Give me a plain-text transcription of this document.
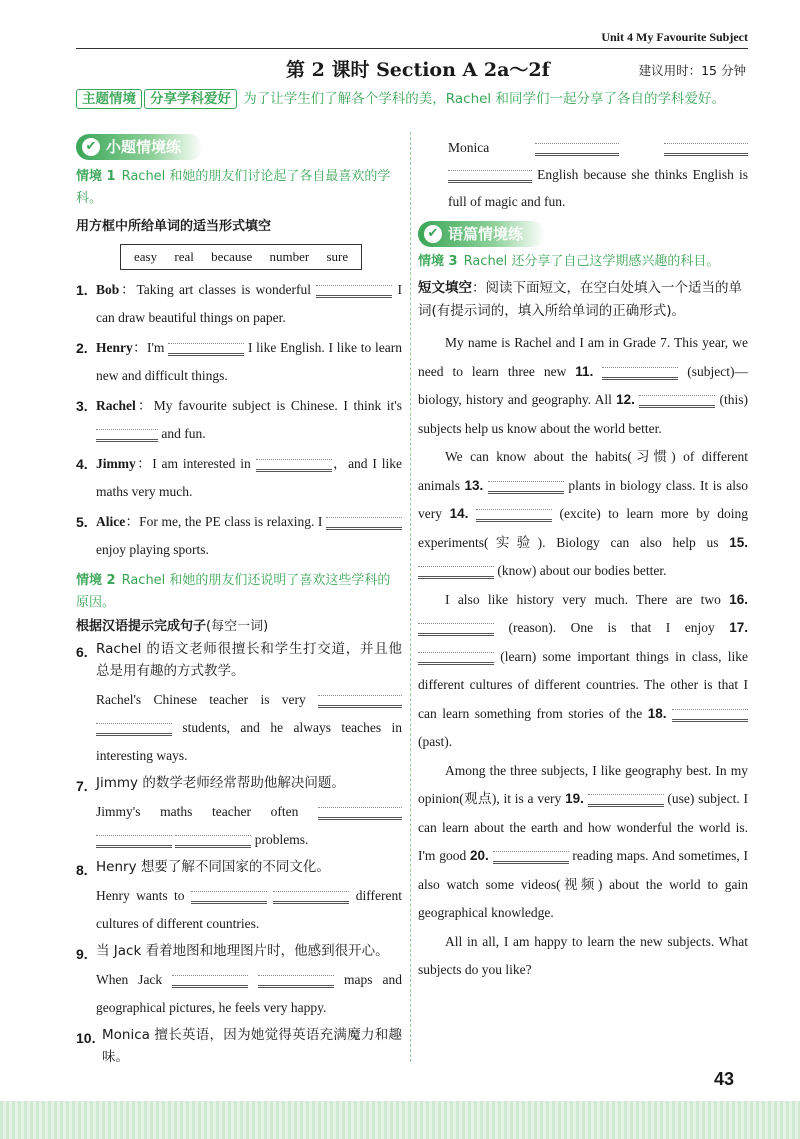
Unit 4 My Favourite Subject
第 2 课时 Section A 2a～2f	建议用时：15 分钟
主题情境 分享学科爱好 为了让学生们了解各个学科的美，Rachel 和同学们一起分享了各自的学科爱好。
✔ 小题情境练
情境 1 Rachel 和她的朋友们讨论起了各自最喜欢的学科。
用方框中所给单词的适当形式填空
easy real because number sure
1. Bob：Taking art classes is wonderful	I can draw beautiful things on paper.
2. Henry：I'm	I like English. I like to learn new and difficult things.
3. Rachel：My favourite subject is Chinese. I think it's  and fun.
4. Jimmy：I am interested in	，and I like maths very much.
5. Alice：For me, the PE class is relaxing. I  enjoy playing sports.
情境 2 Rachel 和她的朋友们还说明了喜欢这些学科的原因。
根据汉语提示完成句子(每空一词)
6. Rachel 的语文老师很擅长和学生打交道，并且他总是用有趣的方式教学。
Rachel's Chinese teacher is very   students, and he always teaches in interesting ways.
7. Jimmy 的数学老师经常帮助他解决问题。
Jimmy's maths teacher often    problems.
8. Henry 想要了解不同国家的不同文化。
Henry wants to	different cultures of different countries.
9. 当 Jack 看着地图和地理图片时，他感到很开心。
When Jack	maps and geographical pictures, he feels very happy.
10. Monica 擅长英语，因为她觉得英语充满魔力和趣味。
Monica    English because she thinks English is full of magic and fun.
✔ 语篇情境练
情境 3 Rachel 还分享了自己这学期感兴趣的科目。
短文填空：阅读下面短文，在空白处填入一个适当的单词(有提示词的，填入所给单词的正确形式)。
My name is Rachel and I am in Grade 7. This year, we need to learn three new 11.	(subject)—biology, history and geography. All 12.	(this) subjects help us know about the world better.
We can know about the habits(习惯) of different animals 13.	plants in biology class. It is also very 14.	(excite) to learn more by doing experiments(实验). Biology can also help us 15.  (know) about our bodies better.
I also like history very much. There are two 16.  (reason). One is that I enjoy 17.  (learn) some important things in class, like different cultures of different countries. The other is that I can learn something from stories of the 18.  (past).
Among the three subjects, I like geography best. In my opinion(观点), it is a very 19.	(use) subject. I can learn about the earth and how wonderful the world is. I'm good 20.	reading maps. And sometimes, I also watch some videos(视频) about the world to gain geographical knowledge.
All in all, I am happy to learn the new subjects. What subjects do you like?
43
